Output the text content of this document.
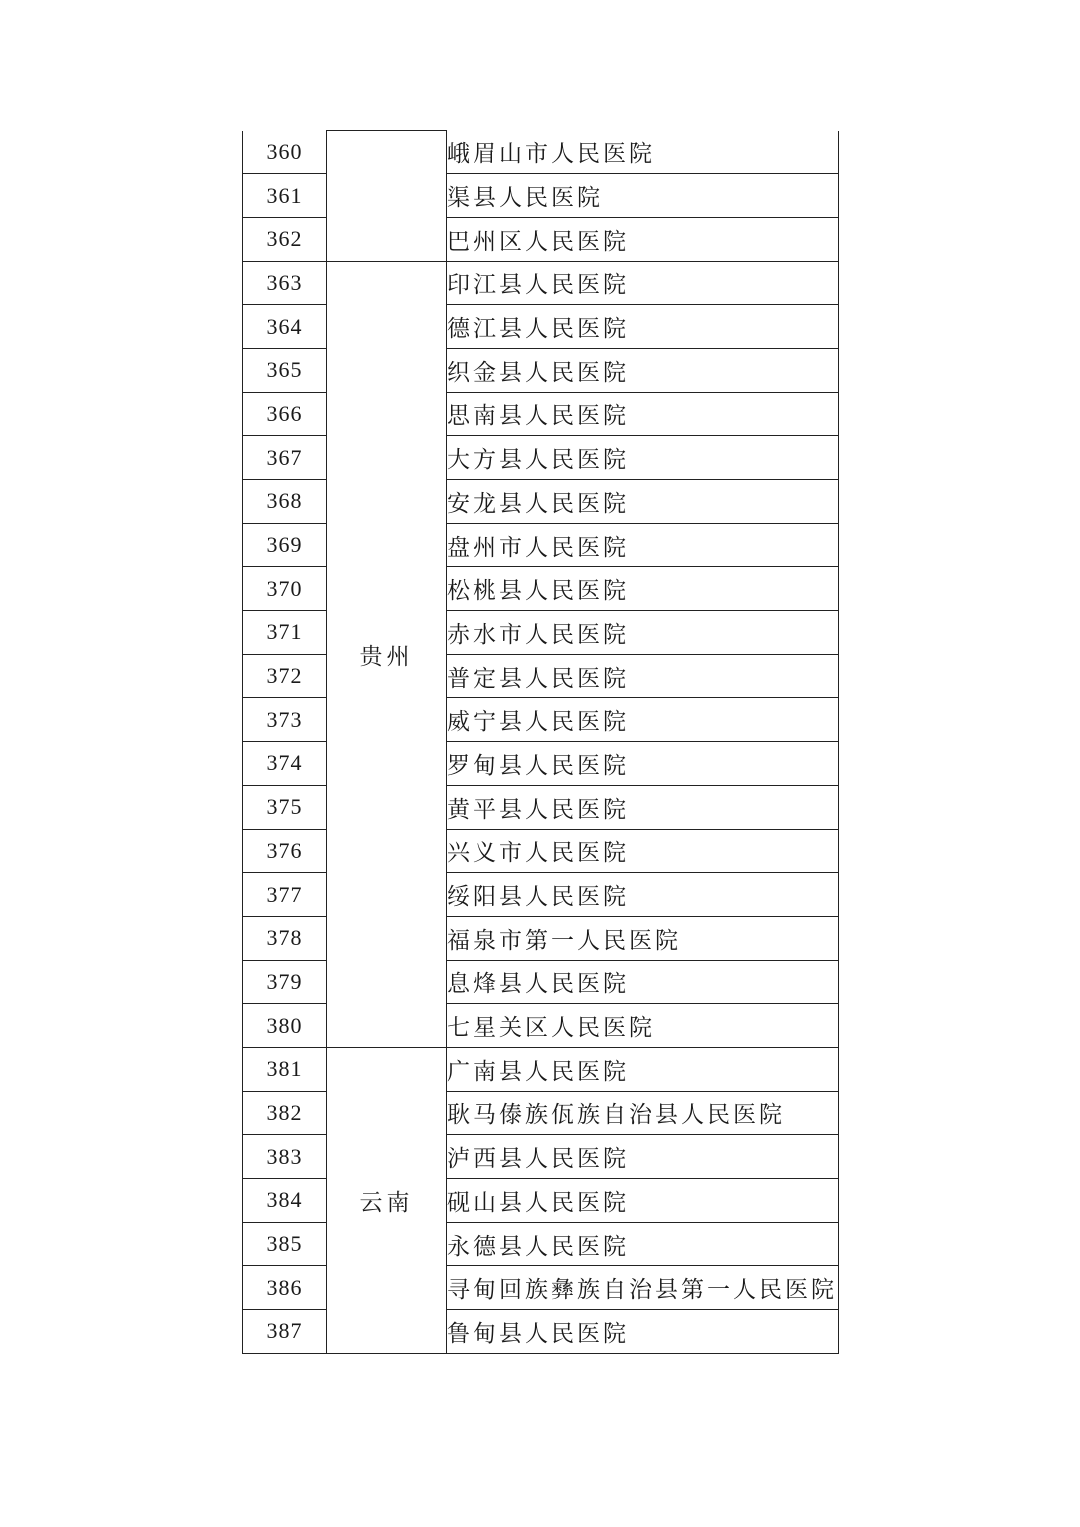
360		峨眉山市人民医院
361		渠县人民医院
362		巴州区人民医院
363	贵州	印江县人民医院
364		德江县人民医院
365		织金县人民医院
366		思南县人民医院
367		大方县人民医院
368		安龙县人民医院
369		盘州市人民医院
370		松桃县人民医院
371		赤水市人民医院
372		普定县人民医院
373		威宁县人民医院
374		罗甸县人民医院
375		黄平县人民医院
376		兴义市人民医院
377		绥阳县人民医院
378		福泉市第一人民医院
379		息烽县人民医院
380		七星关区人民医院
381	云南	广南县人民医院
382		耿马傣族佤族自治县人民医院
383		泸西县人民医院
384		砚山县人民医院
385		永德县人民医院
386		寻甸回族彝族自治县第一人民医院
387		鲁甸县人民医院
